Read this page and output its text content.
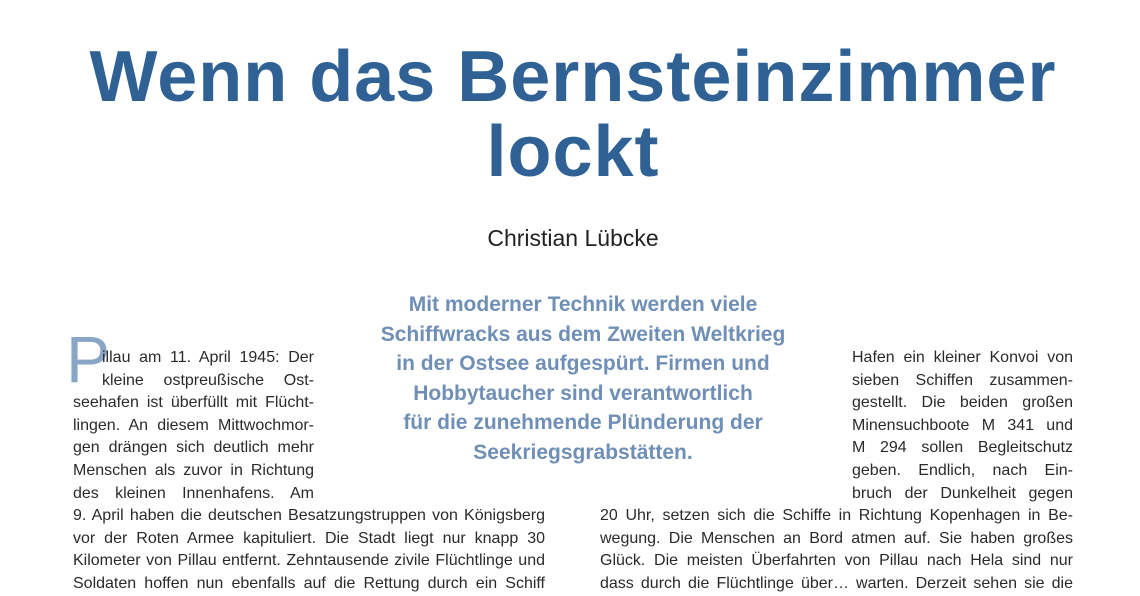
Wenn das Bernsteinzimmer
lockt

Christian Lübcke

Mit moderner Technik werden viele
Schiffwracks aus dem Zweiten Weltkrieg
in der Ostsee aufgespürt. Firmen und
Hobbytaucher sind verantwortlich
für die zunehmende Plünderung der
Seekriegsgrabstätten.

P
illau am 11. April 1945: Der
kleine ostpreußische Ost-
seehafen ist überfüllt mit Flücht-
lingen. An diesem Mittwochmor-
gen drängen sich deutlich mehr
Menschen als zuvor in Richtung
des kleinen Innenhafens. Am
9. April haben die deutschen Besatzungstruppen von Königsberg
vor der Roten Armee kapituliert. Die Stadt liegt nur knapp 30
Kilometer von Pillau entfernt. Zehntausende zivile Flüchtlinge und
Soldaten hoffen nun ebenfalls auf die Rettung durch ein Schiff
Hafen ein kleiner Konvoi von
sieben Schiffen zusammen-
gestellt. Die beiden großen
Minensuchboote M 341 und
M 294 sollen Begleitschutz
geben. Endlich, nach Ein-
bruch der Dunkelheit gegen
20 Uhr, setzen sich die Schiffe in Richtung Kopenhagen in Be-
wegung. Die Menschen an Bord atmen auf. Sie haben großes
Glück. Die meisten Überfahrten von Pillau nach Hela sind nur
dass durch die Flüchtlinge über… warten. Derzeit sehen sie die
